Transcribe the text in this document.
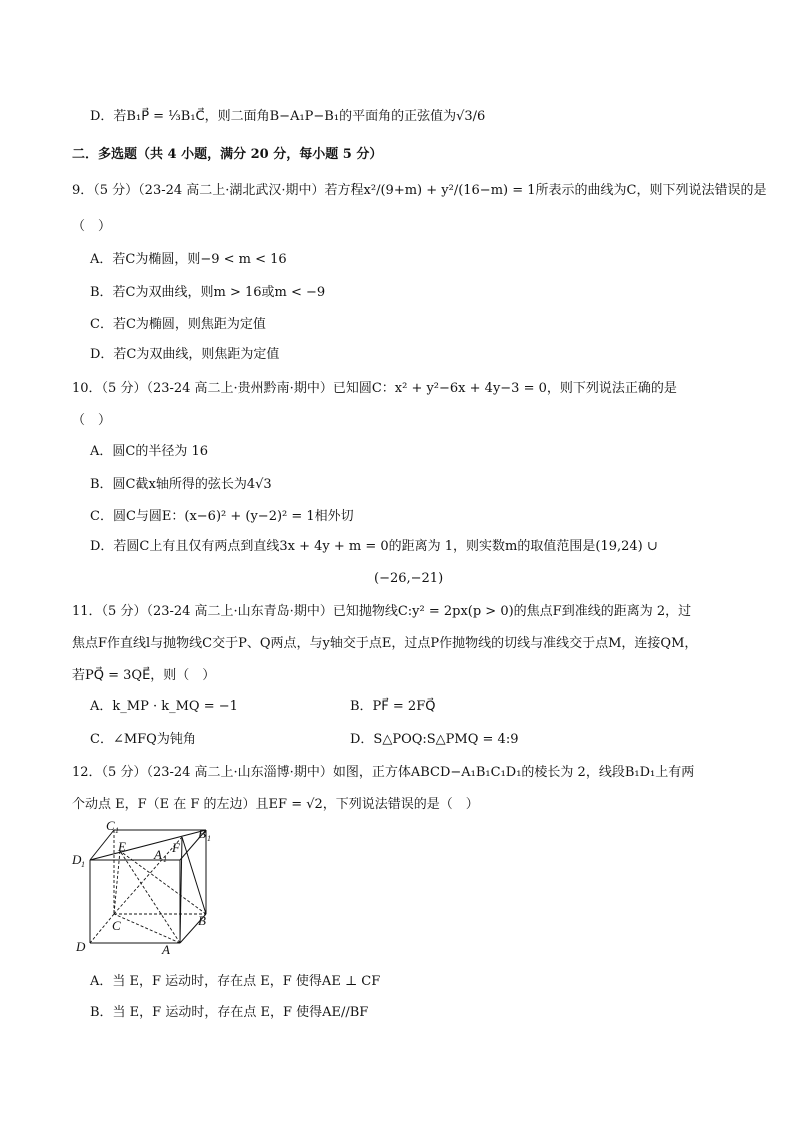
D．若B₁P⃗ = ⅓B₁C⃗，则二面角B−A₁P−B₁的平面角的正弦值为√3/6
二．多选题（共 4 小题，满分 20 分，每小题 5 分）
9．（5 分）（23-24 高二上·湖北武汉·期中）若方程x²/(9+m) + y²/(16−m) = 1所表示的曲线为C，则下列说法错误的是
（　）
A．若C为椭圆，则−9 < m < 16
B．若C为双曲线，则m > 16或m < −9
C．若C为椭圆，则焦距为定值
D．若C为双曲线，则焦距为定值
10．（5 分）（23-24 高二上·贵州黔南·期中）已知圆C：x² + y²−6x + 4y−3 = 0，则下列说法正确的是
（　）
A．圆C的半径为 16
B．圆C截x轴所得的弦长为4√3
C．圆C与圆E：(x−6)² + (y−2)² = 1相外切
D．若圆C上有且仅有两点到直线3x + 4y + m = 0的距离为 1，则实数m的取值范围是(19,24) ∪
(−26,−21)
11．（5 分）（23-24 高二上·山东青岛·期中）已知抛物线C:y² = 2px(p > 0)的焦点F到准线的距离为 2，过
焦点F作直线l与抛物线C交于P、Q两点，与y轴交于点E，过点P作抛物线的切线与准线交于点M，连接QM，
若PQ⃗ = 3QE⃗，则（　）
A．k_MP · k_MQ = −1	B．PF⃗ = 2FQ⃗
C．∠MFQ为钝角	D．S△POQ:S△PMQ = 4:9
12．（5 分）（23-24 高二上·山东淄博·期中）如图，正方体ABCD−A₁B₁C₁D₁的棱长为 2，线段B₁D₁上有两
个动点 E，F（E 在 F 的左边）且EF = √2，下列说法错误的是（　）
C 1	B 1
D 1
A 1
E	F
C	B
D	A
A．当 E，F 运动时，存在点 E，F 使得AE ⊥ CF
B．当 E，F 运动时，存在点 E，F 使得AE//BF
